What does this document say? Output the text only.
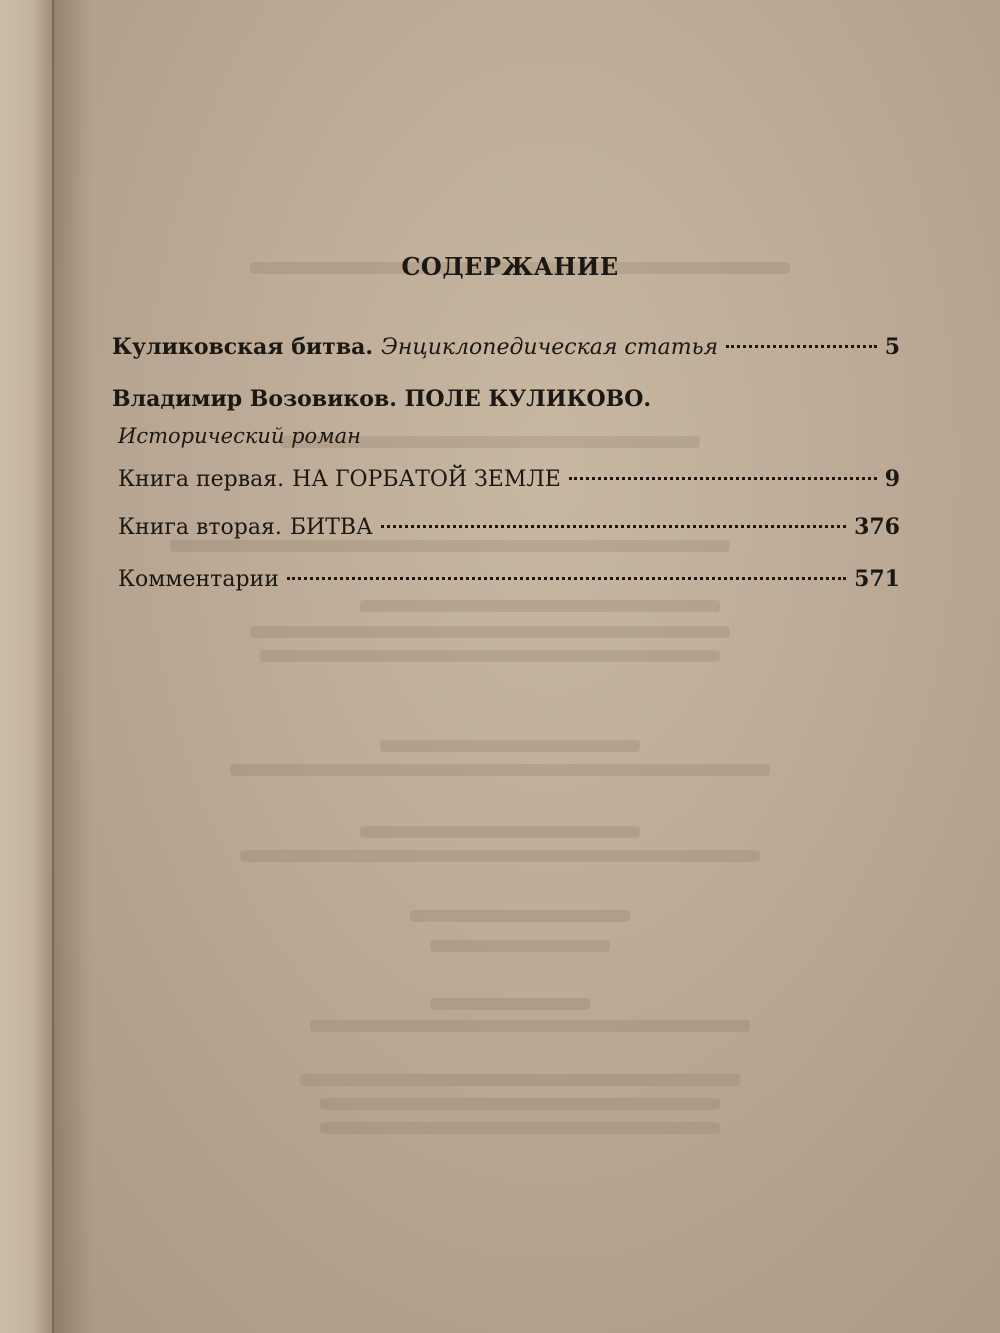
СОДЕРЖАНИЕ
Куликовская битва. Энциклопедическая статья	5
Владимир Возовиков. ПОЛЕ КУЛИКОВО.
Исторический роман
Книга первая. НА ГОРБАТОЙ ЗЕМЛЕ	9
Книга вторая. БИТВА	376
Комментарии	571
